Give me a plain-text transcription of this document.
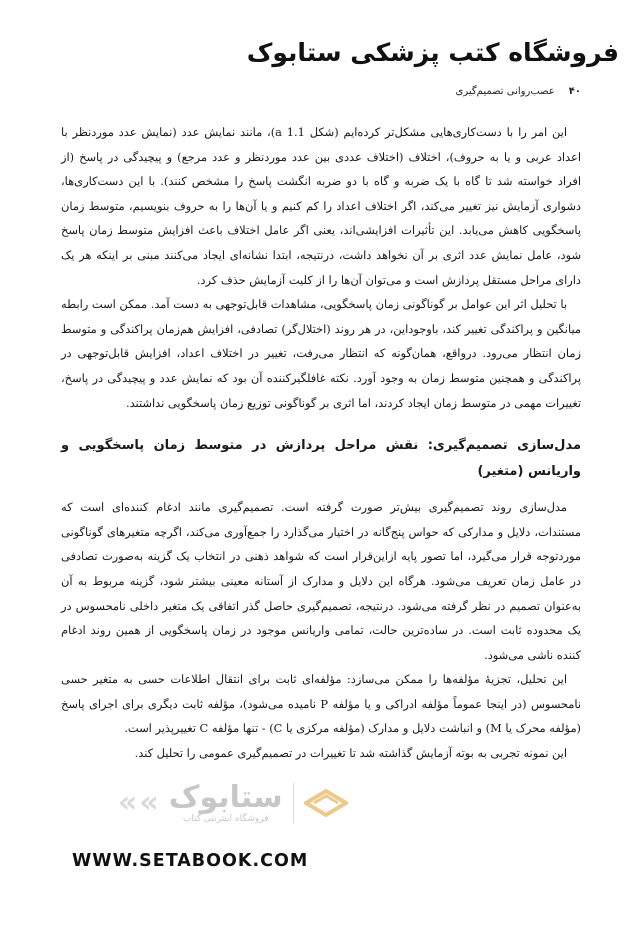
فروشگاه کتب پزشکی ستابوک
۴۰
عصب‌روانی تصمیم‌گیری

این امر را با دست‌کاری‌هایی مشکل‌تر کرده‌ایم (شکل 1.1 a)، مانند نمایش عدد (نمایش عدد موردنظر با اعداد عربی و یا به حروف)، اختلاف (اختلاف عددی بین عدد موردنظر و عدد مرجع) و پیچیدگی در پاسخ (از افراد خواسته شد تا گاه با یک ضربه و گاه با دو ضربه انگشت پاسخ را مشخص کنند). با این دست‌کاری‌ها، دشواری آزمایش نیز تغییر می‌کند، اگر اختلاف اعداد را کم کنیم و یا آن‌ها را به حروف بنویسیم، متوسط زمان پاسخگویی کاهش می‌یابد. این تأثیرات افزایشی‌اند، یعنی اگر عامل اختلاف باعث افزایش متوسط زمان پاسخ شود، عامل نمایش عدد اثری بر آن نخواهد داشت، درنتیجه، ابتدا نشانه‌ای ایجاد می‌کنند مبنی بر اینکه هر یک دارای مراحل مستقل پردازش است و می‌توان آن‌ها را از کلیت آزمایش حذف کرد.

با تحلیل اثر این عوامل بر گوناگونی زمان پاسخگویی، مشاهدات قابل‌توجهی به دست آمد. ممکن است رابطه میانگین و پراکندگی تغییر کند، باوجوداین، در هر روند (اختلال‌گر) تصادفی، افزایش هم‌زمان پراکندگی و متوسط زمان انتظار می‌رود. درواقع، همان‌گونه که انتظار می‌رفت، تغییر در اختلاف اعداد، افزایش قابل‌توجهی در پراکندگی و همچنین متوسط زمان به وجود آورد. نکته غافلگیرکننده آن بود که نمایش عدد و پیچیدگی در پاسخ، تغییرات مهمی در متوسط زمان ایجاد کردند، اما اثری بر گوناگونی توزیع زمان پاسخگویی نداشتند.

مدل‌سازی تصمیم‌گیری: نقش مراحل پردازش در متوسط زمان پاسخگویی و واریانس (متغیر)

مدل‌سازی روند تصمیم‌گیری بیش‌تر صورت گرفته است. تصمیم‌گیری مانند ادغام کننده‌ای است که مستندات، دلایل و مدارکی که حواس پنج‌گانه در اختیار می‌گذارد را جمع‌آوری می‌کند، اگرچه متغیرهای گوناگونی موردتوجه قرار می‌گیرد، اما تصور پایه ازاین‌قرار است که شواهد ذهنی در انتخاب یک گزینه به‌صورت تصادفی در عامل زمان تعریف می‌شود. هرگاه این دلایل و مدارک از آستانه معینی بیشتر شود، گزینه مربوط به آن به‌عنوان تصمیم در نظر گرفته می‌شود. درنتیجه، تصمیم‌گیری حاصل گذر اتفاقی یک متغیر داخلی نامحسوس در یک محدوده ثابت است. در ساده‌ترین حالت، تمامی واریانس موجود در زمان پاسخگویی از همین روند ادغام کننده ناشی می‌شود.

این تحلیل، تجزیهٔ مؤلفه‌ها را ممکن می‌سازد: مؤلفه‌ای ثابت برای انتقال اطلاعات حسی به متغیر حسی نامحسوس (در اینجا عموماً مؤلفه ادراکی و یا مؤلفه P نامیده می‌شود)، مؤلفه ثابت دیگری برای اجرای پاسخ (مؤلفه محرک یا M) و انباشت دلایل و مدارک (مؤلفه مرکزی یا C) - تنها مؤلفه C تغییرپذیر است.

این نمونه تجربی به بوته آزمایش گذاشته شد تا تغییرات در تصمیم‌گیری عمومی را تحلیل کند.

« « ستابوک
فروشگاه اینترنتی کتاب
WWW.SETABOOK.COM
